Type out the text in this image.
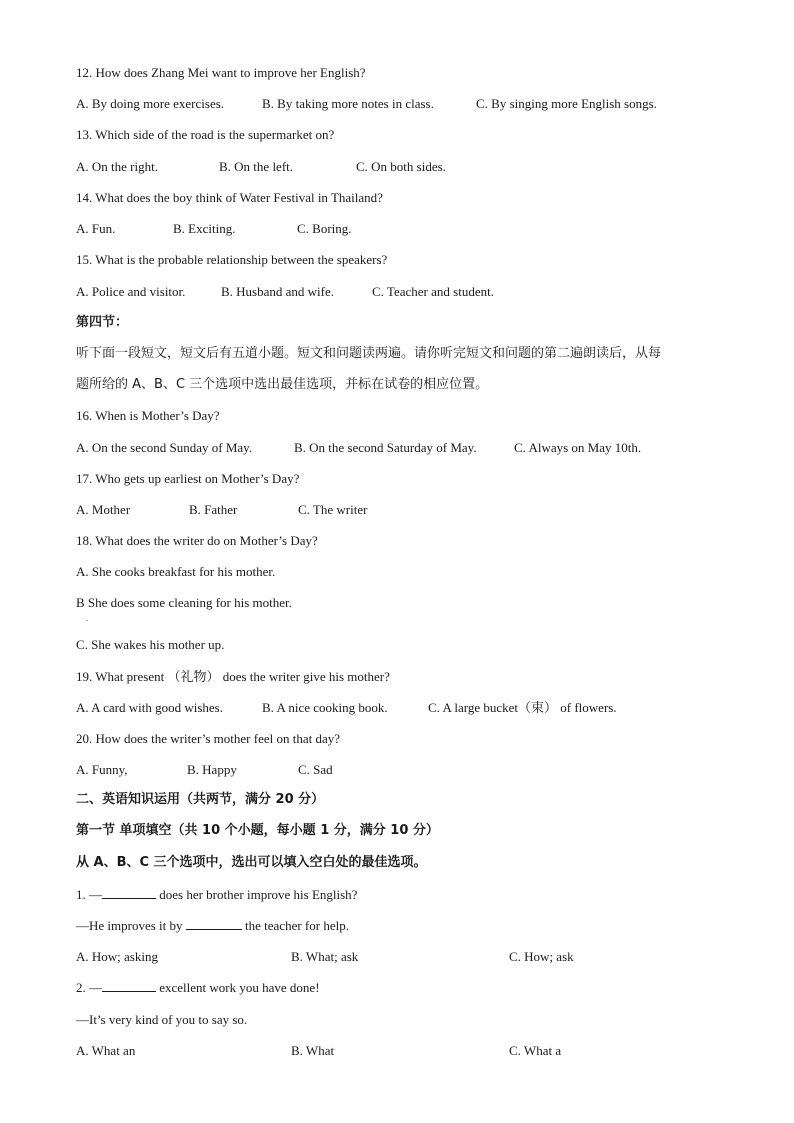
12. How does Zhang Mei want to improve her English?
A. By doing more exercises.	B. By taking more notes in class.	C. By singing more English songs.
13. Which side of the road is the supermarket on?
A. On the right.	B. On the left.	C. On both sides.
14. What does the boy think of Water Festival in Thailand?
A. Fun.	B. Exciting.	C. Boring.
15. What is the probable relationship between the speakers?
A. Police and visitor.	B. Husband and wife.	C. Teacher and student.
第四节：
听下面一段短文，短文后有五道小题。短文和问题读两遍。请你听完短文和问题的第二遍朗读后，从每
题所给的 A、B、C 三个选项中选出最佳选项，并标在试卷的相应位置。
16. When is Mother’s Day?
A. On the second Sunday of May.	B. On the second Saturday of May.	C. Always on May 10th.
17. Who gets up earliest on Mother’s Day?
A. Mother	B. Father	C. The writer
18. What does the writer do on Mother’s Day?
A. She cooks breakfast for his mother.
B She does some cleaning for his mother.
.
C. She wakes his mother up.
19. What present （礼物） does the writer give his mother?
A. A card with good wishes.	B. A nice cooking book.	C. A large bucket（束） of flowers.
20. How does the writer’s mother feel on that day?
A. Funny,	B. Happy	C. Sad
二、英语知识运用（共两节，满分 20 分）
第一节 单项填空（共 10 个小题，每小题 1 分，满分 10 分）
从 A、B、C 三个选项中，选出可以填入空白处的最佳选项。
1. —	does her brother improve his English?
—He improves it by	the teacher for help.
A. How; asking	B. What; ask	C. How; ask
2. —	excellent work you have done!
—It’s very kind of you to say so.
A. What an	B. What	C. What a
